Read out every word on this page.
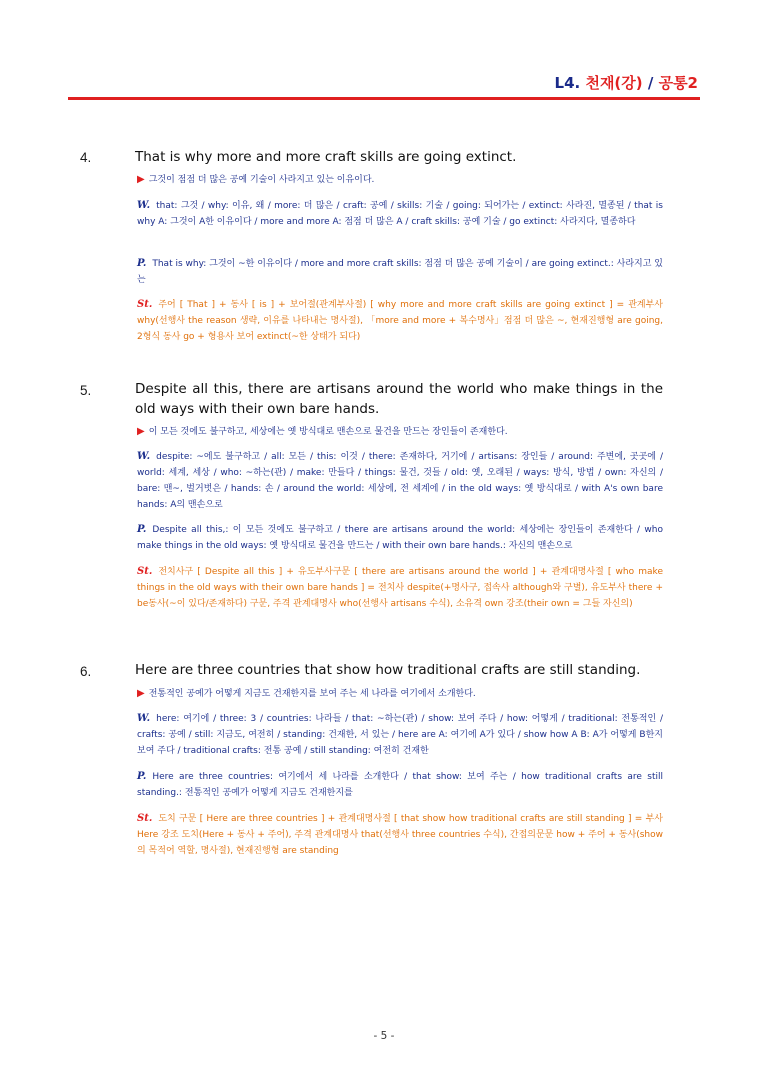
L4. 천재(강) / 공통2
4.	That is why more and more craft skills are going extinct.
▶ 그것이 점점 더 많은 공예 기술이 사라지고 있는 이유이다.
W. that: 그것 / why: 이유, 왜 / more: 더 많은 / craft: 공예 / skills: 기술 / going: 되어가는 / extinct: 사라진, 멸종된 / that is why A: 그것이 A한 이유이다 / more and more A: 점점 더 많은 A / craft skills: 공예 기술 / go extinct: 사라지다, 멸종하다
P. That is why: 그것이 ~한 이유이다 / more and more craft skills: 점점 더 많은 공예 기술이 / are going extinct.: 사라지고 있는
St. 주어 [ That ] + 동사 [ is ] + 보어절(관계부사절) [ why more and more craft skills are going extinct ] = 관계부사 why(선행사 the reason 생략, 이유를 나타내는 명사절), 「more and more + 복수명사」점점 더 많은 ~, 현재진행형 are going, 2형식 동사 go + 형용사 보어 extinct(~한 상태가 되다)
5.	Despite all this, there are artisans around the world who make things in the old ways with their own bare hands.
▶ 이 모든 것에도 불구하고, 세상에는 옛 방식대로 맨손으로 물건을 만드는 장인들이 존재한다.
W. despite: ~에도 불구하고 / all: 모든 / this: 이것 / there: 존재하다, 거기에 / artisans: 장인들 / around: 주변에, 곳곳에 / world: 세계, 세상 / who: ~하는(관) / make: 만들다 / things: 물건, 것들 / old: 옛, 오래된 / ways: 방식, 방법 / own: 자신의 / bare: 맨~, 벌거벗은 / hands: 손 / around the world: 세상에, 전 세계에 / in the old ways: 옛 방식대로 / with A's own bare hands: A의 맨손으로
P. Despite all this,: 이 모든 것에도 불구하고 / there are artisans around the world: 세상에는 장인들이 존재한다 / who make things in the old ways: 옛 방식대로 물건을 만드는 / with their own bare hands.: 자신의 맨손으로
St. 전치사구 [ Despite all this ] + 유도부사구문 [ there are artisans around the world ] + 관계대명사절 [ who make things in the old ways with their own bare hands ] = 전치사 despite(+명사구, 접속사 although와 구별), 유도부사 there + be동사(~이 있다/존재하다) 구문, 주격 관계대명사 who(선행사 artisans 수식), 소유격 own 강조(their own = 그들 자신의)
6.	Here are three countries that show how traditional crafts are still standing.
▶ 전통적인 공예가 어떻게 지금도 건재한지를 보여 주는 세 나라를 여기에서 소개한다.
W. here: 여기에 / three: 3 / countries: 나라들 / that: ~하는(관) / show: 보여 주다 / how: 어떻게 / traditional: 전통적인 / crafts: 공예 / still: 지금도, 여전히 / standing: 건재한, 서 있는 / here are A: 여기에 A가 있다 / show how A B: A가 어떻게 B한지 보여 주다 / traditional crafts: 전통 공예 / still standing: 여전히 건재한
P. Here are three countries: 여기에서 세 나라를 소개한다 / that show: 보여 주는 / how traditional crafts are still standing.: 전통적인 공예가 어떻게 지금도 건재한지를
St. 도치 구문 [ Here are three countries ] + 관계대명사절 [ that show how traditional crafts are still standing ] = 부사 Here 강조 도치(Here + 동사 + 주어), 주격 관계대명사 that(선행사 three countries 수식), 간접의문문 how + 주어 + 동사(show의 목적어 역할, 명사절), 현재진행형 are standing
- 5 -
